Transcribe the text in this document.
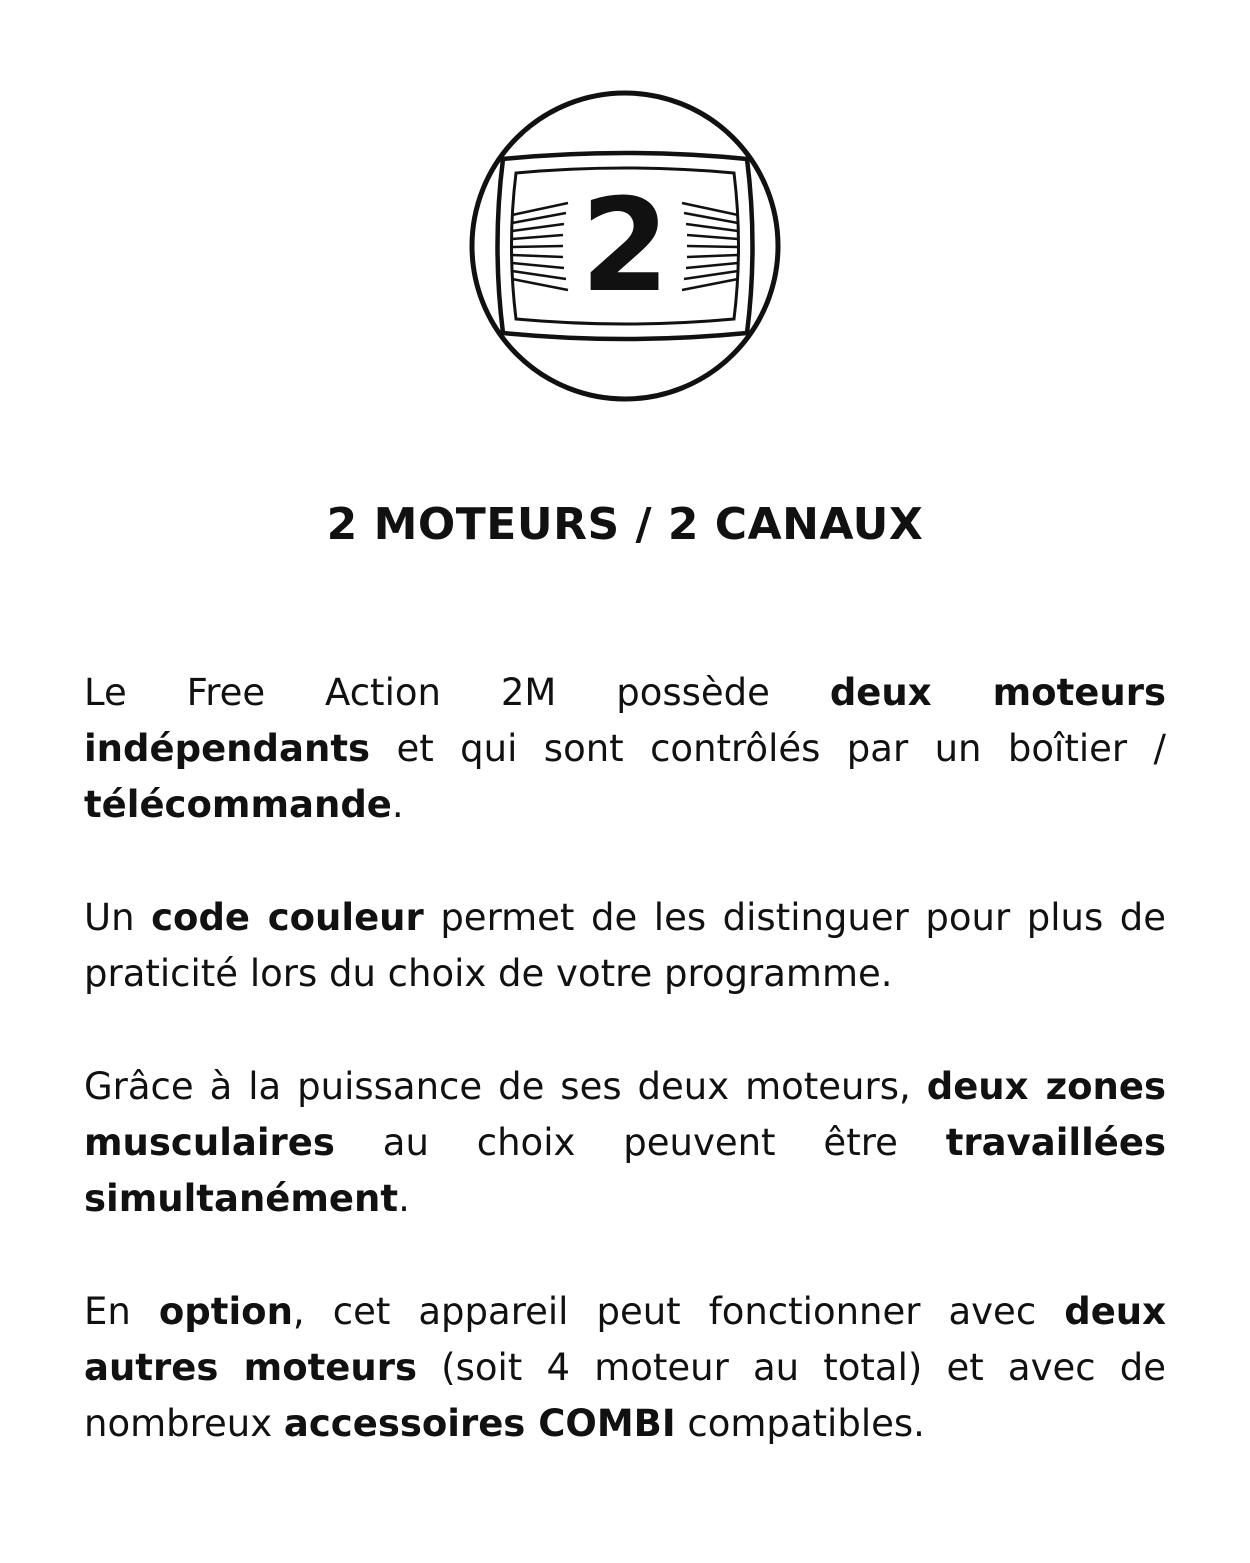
2
2 MOTEURS / 2 CANAUX

Le Free Action 2M possède deux moteurs indépendants et qui sont contrôlés par un boîtier / télécommande.

Un code couleur permet de les distinguer pour plus de praticité lors du choix de votre programme.

Grâce à la puissance de ses deux moteurs, deux zones musculaires au choix peuvent être travaillées simultanément.

En option, cet appareil peut fonctionner avec deux autres moteurs (soit 4 moteur au total) et avec de nombreux accessoires COMBI compatibles.
